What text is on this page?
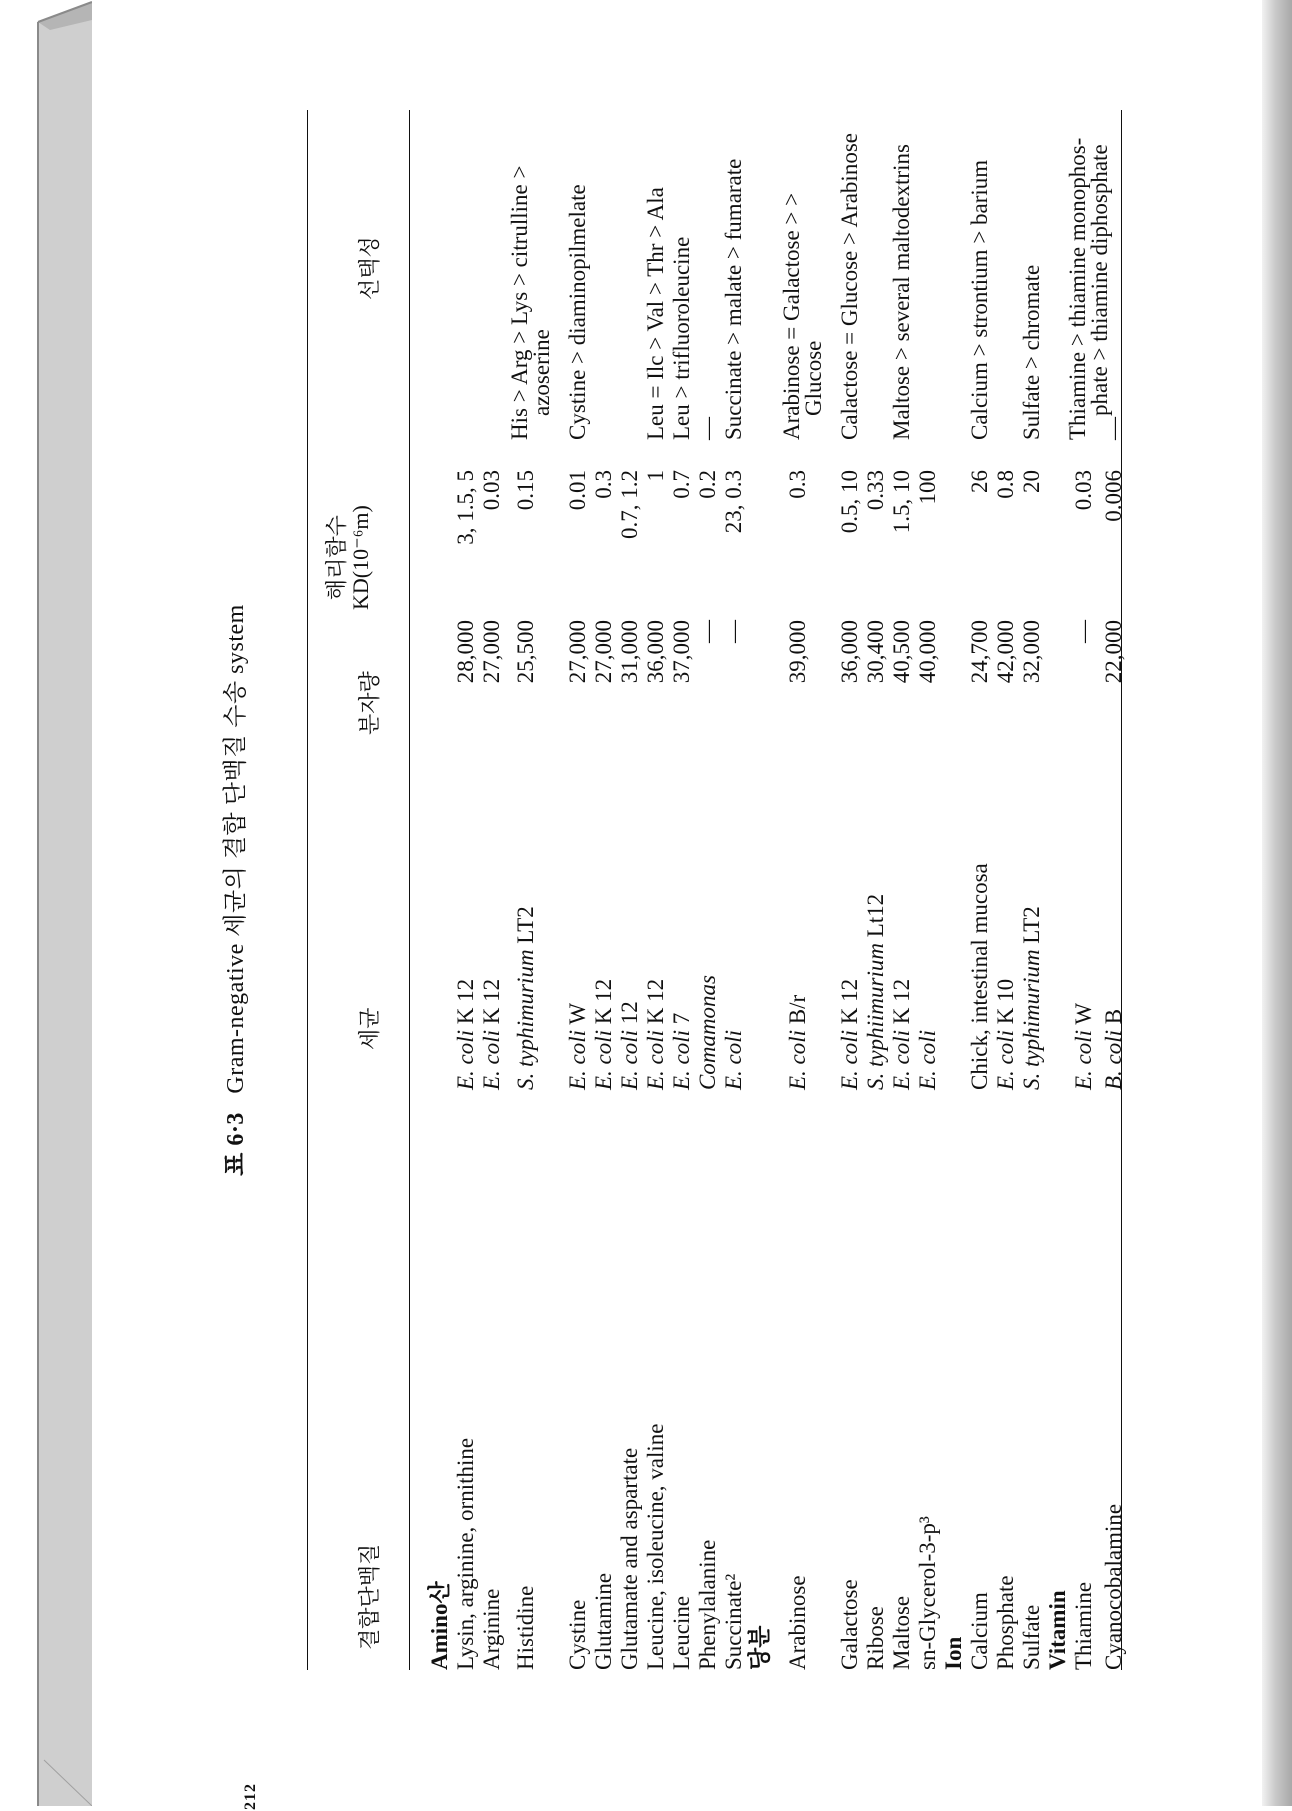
212
표 6·3 Gram-negative 세균의 결합 단백질 수송 system
결합단백질
세균
분자량
해리함수 KD(10⁻⁶m)
선택성
Amino산 Lysin, arginine, ornithine
E. coli K 12
28,000
3, 1.5, 5
Arginine
E. coli K 12
27,000
0.03
Histidine
S. typhimurium LT2
25,500
0.15
His > Arg > Lys > citrulline >
azoserine
Cystine
E. coli W
27,000
0.01
Cystine > diaminopilmelate
Glutamine
E. coli K 12
27,000
0.3
Glutamate and aspartate
E. coli 12
31,000
0.7, 1.2
Leucine, isoleucine, valine
E. coli K 12
36,000
1
Leu = Ilc > Val > Thr > Ala
Leucine
E. coli 7
37,000
0.7
Leu > trifluoroleucine
Phenylalanine
Comamonas
—
0.2
—
Succinate²
E. coli
—
23, 0.3
Succinate > malate > fumarate
당분 Arabinose
E. coli B/r
39,000
0.3
Arabinose = Galactose > >
Glucose
Galactose
E. coli K 12
36,000
0.5, 10
Calactose = Glucose > Arabinose
Ribose
S. typhiimurium Lt12
30,400
0.33
Maltose
E. coli K 12
40,500
1.5, 10
Maltose > several maltodextrins
sn-Glycerol-3-p³
E. coli
40,000
100
Ion Calcium
Chick, intestinal mucosa
24,700
26
Calcium > strontium > barium
Phosphate
E. coli K 10
42,000
0.8
Sulfate
S. typhimurium LT2
32,000
20
Sulfate > chromate
Vitamin Thiamine
E. coli W
—
0.03
Thiamine > thiamine monophos-
phate > thiamine diphosphate
Cyanocobalamine
B. coli B
22,000
0.006
—
